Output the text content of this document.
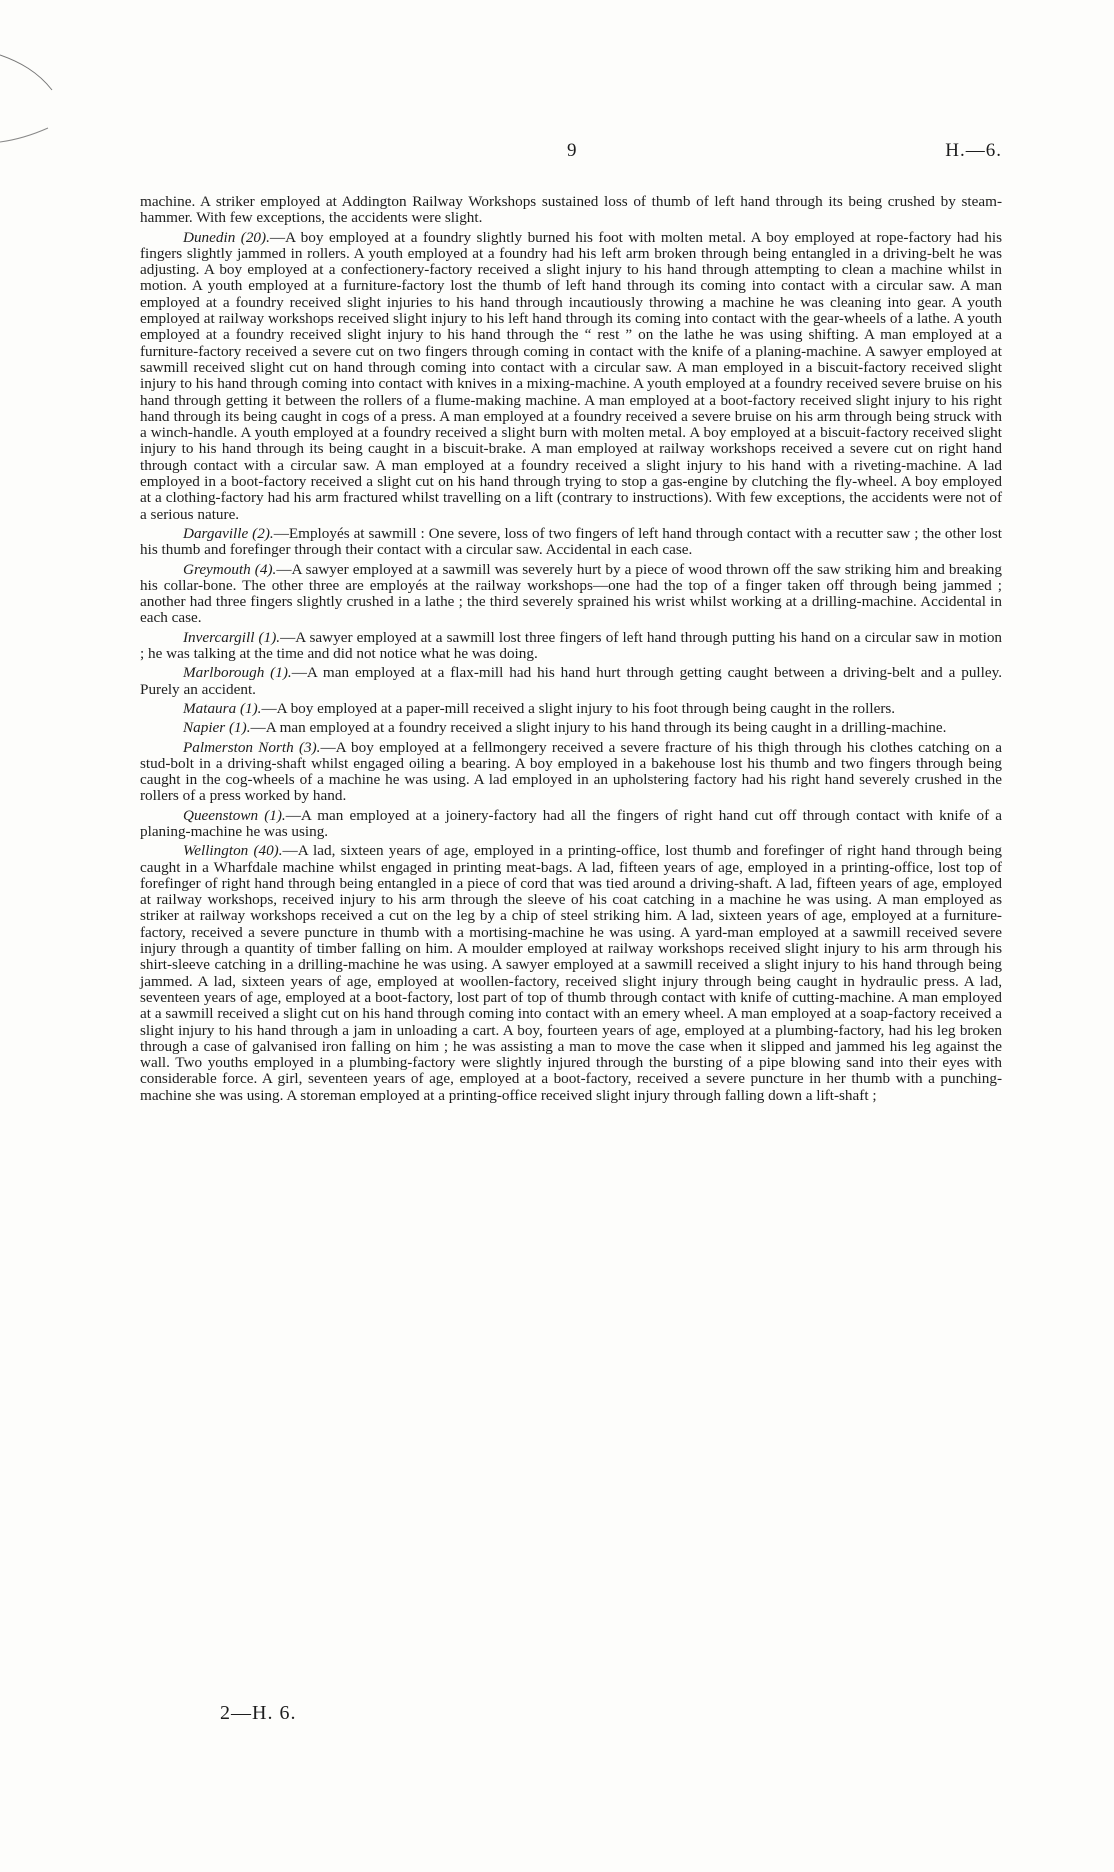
9	H.—6.

machine. A striker employed at Addington Railway Workshops sustained loss of thumb of left hand through its being crushed by steam-hammer. With few exceptions, the accidents were slight.

Dunedin (20).—A boy employed at a foundry slightly burned his foot with molten metal. A boy employed at rope-factory had his fingers slightly jammed in rollers. A youth employed at a foundry had his left arm broken through being entangled in a driving-belt he was adjusting. A boy employed at a confectionery-factory received a slight injury to his hand through attempting to clean a machine whilst in motion. A youth employed at a furniture-factory lost the thumb of left hand through its coming into contact with a circular saw. A man employed at a foundry received slight injuries to his hand through incautiously throwing a machine he was cleaning into gear. A youth employed at railway workshops received slight injury to his left hand through its coming into contact with the gear-wheels of a lathe. A youth employed at a foundry received slight injury to his hand through the “ rest ” on the lathe he was using shifting. A man employed at a furniture-factory received a severe cut on two fingers through coming in contact with the knife of a planing-machine. A sawyer employed at sawmill received slight cut on hand through coming into contact with a circular saw. A man employed in a biscuit-factory received slight injury to his hand through coming into contact with knives in a mixing-machine. A youth employed at a foundry received severe bruise on his hand through getting it between the rollers of a flume-making machine. A man employed at a boot-factory received slight injury to his right hand through its being caught in cogs of a press. A man employed at a foundry received a severe bruise on his arm through being struck with a winch-handle. A youth employed at a foundry received a slight burn with molten metal. A boy employed at a biscuit-factory received slight injury to his hand through its being caught in a biscuit-brake. A man employed at railway workshops received a severe cut on right hand through contact with a circular saw. A man employed at a foundry received a slight injury to his hand with a riveting-machine. A lad employed in a boot-factory received a slight cut on his hand through trying to stop a gas-engine by clutching the fly-wheel. A boy employed at a clothing-factory had his arm fractured whilst travelling on a lift (contrary to instructions). With few exceptions, the accidents were not of a serious nature.

Dargaville (2).—Employés at sawmill : One severe, loss of two fingers of left hand through contact with a recutter saw ; the other lost his thumb and forefinger through their contact with a circular saw. Accidental in each case.

Greymouth (4).—A sawyer employed at a sawmill was severely hurt by a piece of wood thrown off the saw striking him and breaking his collar-bone. The other three are employés at the railway workshops—one had the top of a finger taken off through being jammed ; another had three fingers slightly crushed in a lathe ; the third severely sprained his wrist whilst working at a drilling-machine. Accidental in each case.

Invercargill (1).—A sawyer employed at a sawmill lost three fingers of left hand through putting his hand on a circular saw in motion ; he was talking at the time and did not notice what he was doing.

Marlborough (1).—A man employed at a flax-mill had his hand hurt through getting caught between a driving-belt and a pulley. Purely an accident.

Mataura (1).—A boy employed at a paper-mill received a slight injury to his foot through being caught in the rollers.

Napier (1).—A man employed at a foundry received a slight injury to his hand through its being caught in a drilling-machine.

Palmerston North (3).—A boy employed at a fellmongery received a severe fracture of his thigh through his clothes catching on a stud-bolt in a driving-shaft whilst engaged oiling a bearing. A boy employed in a bakehouse lost his thumb and two fingers through being caught in the cog-wheels of a machine he was using. A lad employed in an upholstering factory had his right hand severely crushed in the rollers of a press worked by hand.

Queenstown (1).—A man employed at a joinery-factory had all the fingers of right hand cut off through contact with knife of a planing-machine he was using.

Wellington (40).—A lad, sixteen years of age, employed in a printing-office, lost thumb and forefinger of right hand through being caught in a Wharfdale machine whilst engaged in printing meat-bags. A lad, fifteen years of age, employed in a printing-office, lost top of forefinger of right hand through being entangled in a piece of cord that was tied around a driving-shaft. A lad, fifteen years of age, employed at railway workshops, received injury to his arm through the sleeve of his coat catching in a machine he was using. A man employed as striker at railway workshops received a cut on the leg by a chip of steel striking him. A lad, sixteen years of age, employed at a furniture-factory, received a severe puncture in thumb with a mortising-machine he was using. A yard-man employed at a sawmill received severe injury through a quantity of timber falling on him. A moulder employed at railway workshops received slight injury to his arm through his shirt-sleeve catching in a drilling-machine he was using. A sawyer employed at a sawmill received a slight injury to his hand through being jammed. A lad, sixteen years of age, employed at woollen-factory, received slight injury through being caught in hydraulic press. A lad, seventeen years of age, employed at a boot-factory, lost part of top of thumb through contact with knife of cutting-machine. A man employed at a sawmill received a slight cut on his hand through coming into contact with an emery wheel. A man employed at a soap-factory received a slight injury to his hand through a jam in unloading a cart. A boy, fourteen years of age, employed at a plumbing-factory, had his leg broken through a case of galvanised iron falling on him ; he was assisting a man to move the case when it slipped and jammed his leg against the wall. Two youths employed in a plumbing-factory were slightly injured through the bursting of a pipe blowing sand into their eyes with considerable force. A girl, seventeen years of age, employed at a boot-factory, received a severe puncture in her thumb with a punching-machine she was using. A storeman employed at a printing-office received slight injury through falling down a lift-shaft ;

2—H. 6.
